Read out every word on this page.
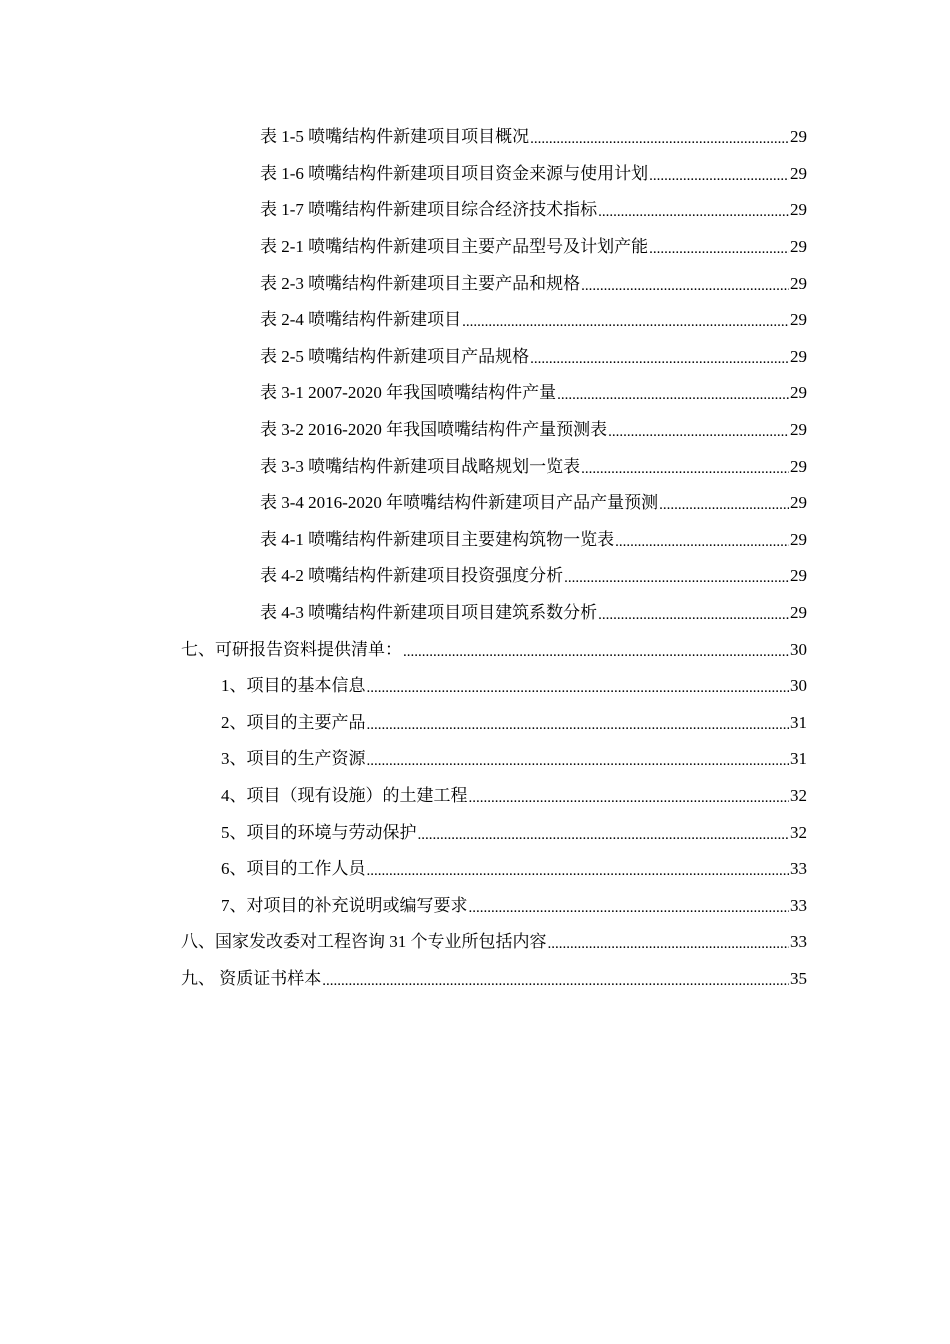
表 1-5 喷嘴结构件新建项目项目概况 .....	29
表 1-6 喷嘴结构件新建项目项目资金来源与使用计划 .....	29
表 1-7 喷嘴结构件新建项目综合经济技术指标 .....	29
表 2-1 喷嘴结构件新建项目主要产品型号及计划产能 .....	29
表 2-3 喷嘴结构件新建项目主要产品和规格 .....	29
表 2-4 喷嘴结构件新建项目 .....	29
表 2-5 喷嘴结构件新建项目产品规格 .....	29
表 3-1 2007-2020 年我国喷嘴结构件产量 .....	29
表 3-2 2016-2020 年我国喷嘴结构件产量预测表 .....	29
表 3-3 喷嘴结构件新建项目战略规划一览表 .....	29
表 3-4 2016-2020 年喷嘴结构件新建项目产品产量预测 .....	29
表 4-1 喷嘴结构件新建项目主要建构筑物一览表 .....	29
表 4-2 喷嘴结构件新建项目投资强度分析 .....	29
表 4-3 喷嘴结构件新建项目项目建筑系数分析 .....	29
七、可研报告资料提供清单： .....	30
1、项目的基本信息 .....	30
2、项目的主要产品 .....	31
3、项目的生产资源 .....	31
4、项目（现有设施）的土建工程 .....	32
5、项目的环境与劳动保护 .....	32
6、项目的工作人员 .....	33
7、对项目的补充说明或编写要求 .....	33
八、国家发改委对工程咨询 31 个专业所包括内容 .....	33
九、 资质证书样本 .....	35
